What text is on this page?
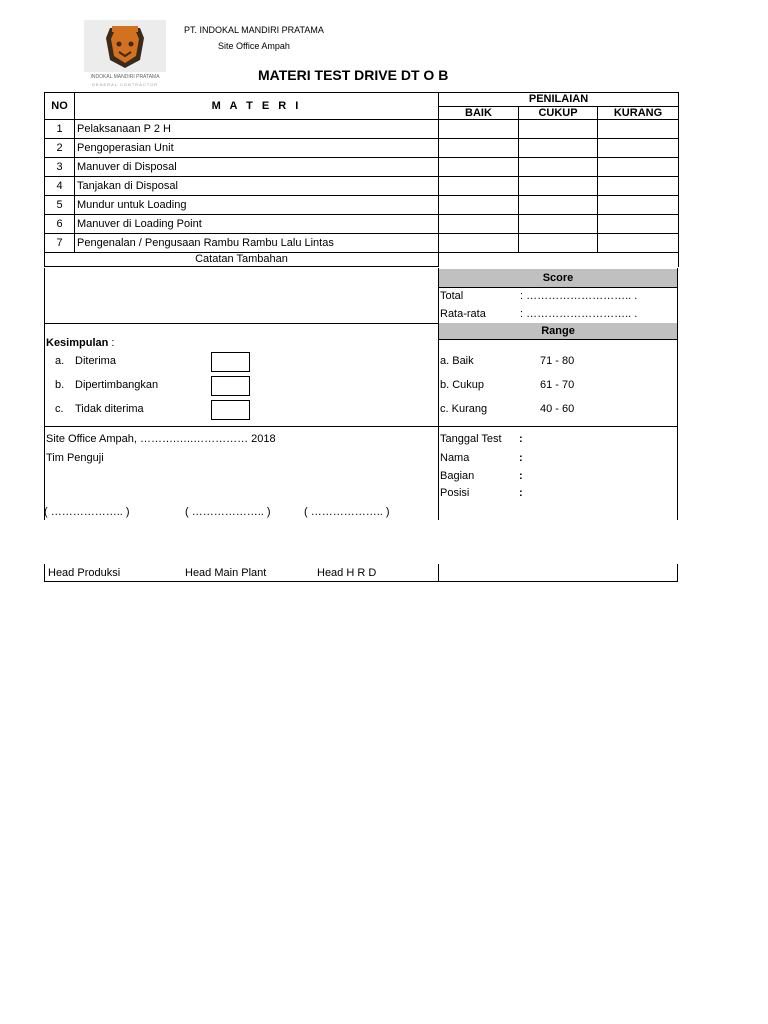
INDOKAL MANDIRI PRATAMA
GENERAL CONTRACTOR
PT. INDOKAL MANDIRI PRATAMA
Site Office Ampah
MATERI TEST DRIVE DT O B
NO	M A T E R I	PENILAIAN		
		BAIK	CUKUP	KURANG
1	Pelaksanaan P 2 H			
2	Pengoperasian Unit			
3	Manuver di Disposal			
4	Tanjakan di Disposal			
5	Mundur untuk Loading			
6	Manuver di Loading Point			
7	Pengenalan / Pengusaan Rambu Rambu Lalu Lintas			
Catatan Tambahan				
Score
Total	: ……………………….. .
Rata-rata	: ……………………….. .
Range
a. Baik	71 - 80
b. Cukup	61 - 70
c. Kurang	40 - 60
Kesimpulan :
a. Diterima
b. Dipertimbangkan
c. Tidak diterima
Site Office Ampah, ……….…..…………… 2018
Tim Penguji
( ……………….. )	( ……………….. )	( ……………….. )
Tanggal Test :
Nama	:
Bagian	:
Posisi	:
Head Produksi	Head Main Plant	Head H R D
